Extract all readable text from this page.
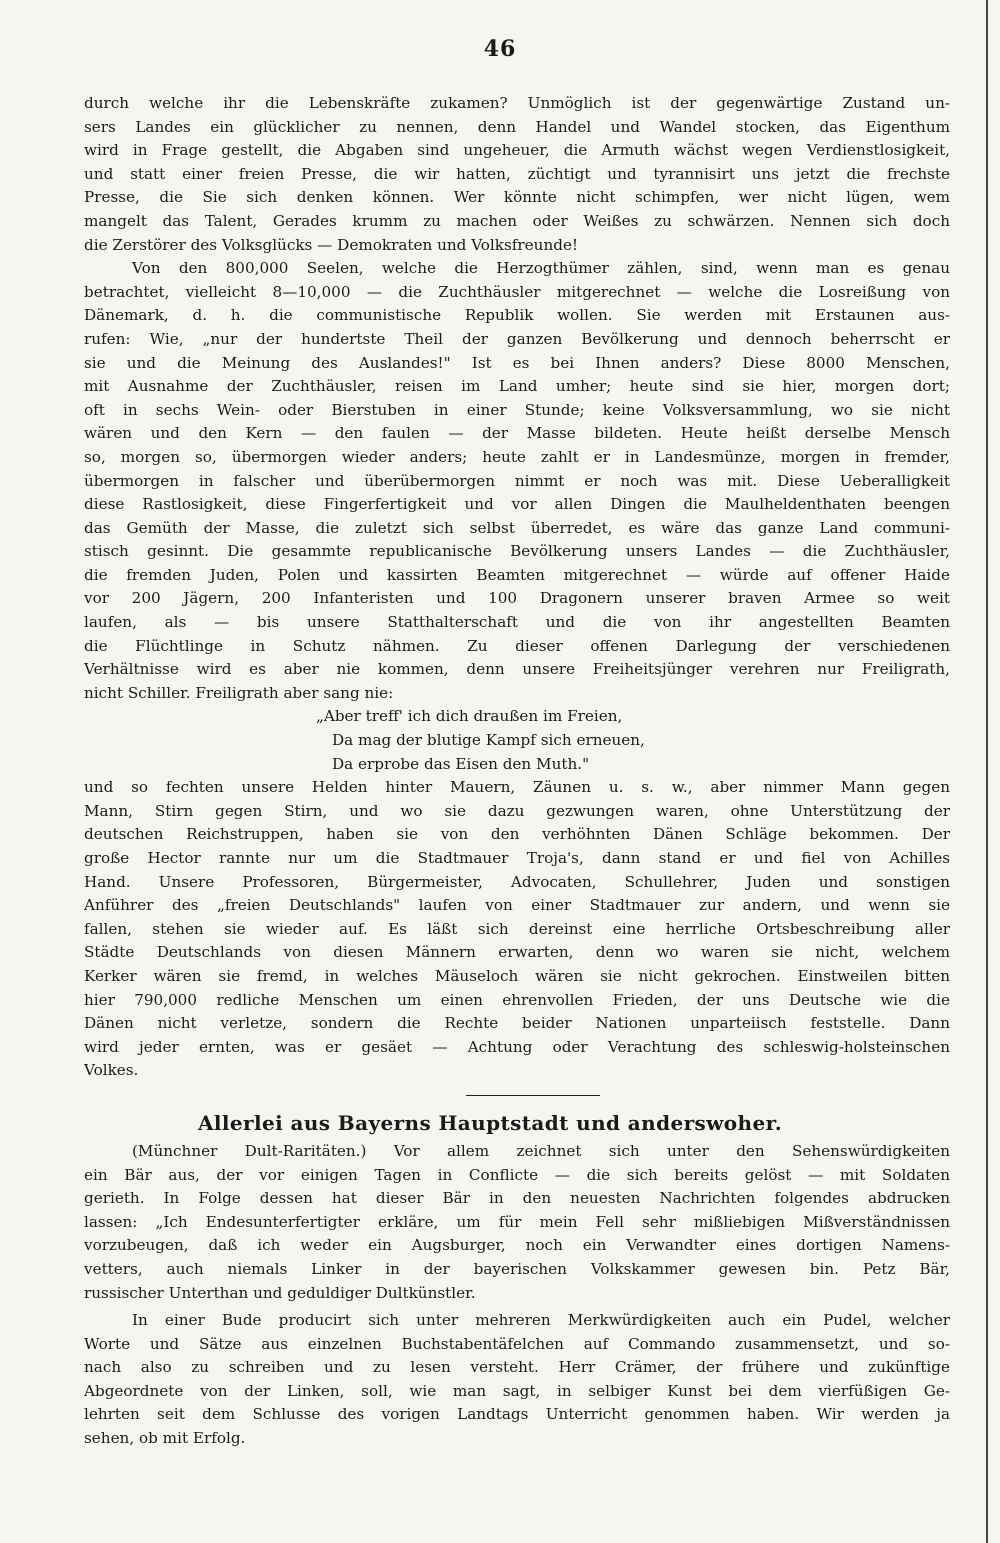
46
durch welche ihr die Lebenskräfte zukamen? Unmöglich ist der gegenwärtige Zustand un-
sers Landes ein glücklicher zu nennen, denn Handel und Wandel stocken, das Eigenthum
wird in Frage gestellt, die Abgaben sind ungeheuer, die Armuth wächst wegen Verdienstlosigkeit,
und statt einer freien Presse, die wir hatten, züchtigt und tyrannisirt uns jetzt die frechste
Presse, die Sie sich denken können. Wer könnte nicht schimpfen, wer nicht lügen, wem
mangelt das Talent, Gerades krumm zu machen oder Weißes zu schwärzen. Nennen sich doch
die Zerstörer des Volksglücks — Demokraten und Volksfreunde!
Von den 800,000 Seelen, welche die Herzogthümer zählen, sind, wenn man es genau
betrachtet, vielleicht 8—10,000 — die Zuchthäusler mitgerechnet — welche die Losreißung von
Dänemark, d. h. die communistische Republik wollen. Sie werden mit Erstaunen aus-
rufen: Wie, „nur der hundertste Theil der ganzen Bevölkerung und dennoch beherrscht er
sie und die Meinung des Auslandes!" Ist es bei Ihnen anders? Diese 8000 Menschen,
mit Ausnahme der Zuchthäusler, reisen im Land umher; heute sind sie hier, morgen dort;
oft in sechs Wein- oder Bierstuben in einer Stunde; keine Volksversammlung, wo sie nicht
wären und den Kern — den faulen — der Masse bildeten. Heute heißt derselbe Mensch
so, morgen so, übermorgen wieder anders; heute zahlt er in Landesmünze, morgen in fremder,
übermorgen in falscher und überübermorgen nimmt er noch was mit. Diese Ueberalligkeit
diese Rastlosigkeit, diese Fingerfertigkeit und vor allen Dingen die Maulheldenthaten beengen
das Gemüth der Masse, die zuletzt sich selbst überredet, es wäre das ganze Land communi-
stisch gesinnt. Die gesammte republicanische Bevölkerung unsers Landes — die Zuchthäusler,
die fremden Juden, Polen und kassirten Beamten mitgerechnet — würde auf offener Haide
vor 200 Jägern, 200 Infanteristen und 100 Dragonern unserer braven Armee so weit
laufen, als — bis unsere Statthalterschaft und die von ihr angestellten Beamten
die Flüchtlinge in Schutz nähmen. Zu dieser offenen Darlegung der verschiedenen
Verhältnisse wird es aber nie kommen, denn unsere Freiheitsjünger verehren nur Freiligrath,
nicht Schiller. Freiligrath aber sang nie:
„Aber treff' ich dich draußen im Freien,
Da mag der blutige Kampf sich erneuen,
Da erprobe das Eisen den Muth."
und so fechten unsere Helden hinter Mauern, Zäunen u. s. w., aber nimmer Mann gegen
Mann, Stirn gegen Stirn, und wo sie dazu gezwungen waren, ohne Unterstützung der
deutschen Reichstruppen, haben sie von den verhöhnten Dänen Schläge bekommen. Der
große Hector rannte nur um die Stadtmauer Troja's, dann stand er und fiel von Achilles
Hand. Unsere Professoren, Bürgermeister, Advocaten, Schullehrer, Juden und sonstigen
Anführer des „freien Deutschlands" laufen von einer Stadtmauer zur andern, und wenn sie
fallen, stehen sie wieder auf. Es läßt sich dereinst eine herrliche Ortsbeschreibung aller
Städte Deutschlands von diesen Männern erwarten, denn wo waren sie nicht, welchem
Kerker wären sie fremd, in welches Mäuseloch wären sie nicht gekrochen. Einstweilen bitten
hier 790,000 redliche Menschen um einen ehrenvollen Frieden, der uns Deutsche wie die
Dänen nicht verletze, sondern die Rechte beider Nationen unparteiisch feststelle. Dann
wird jeder ernten, was er gesäet — Achtung oder Verachtung des schleswig-holsteinschen
Volkes.
Allerlei aus Bayerns Hauptstadt und anderswoher.
(Münchner Dult-Raritäten.) Vor allem zeichnet sich unter den Sehenswürdigkeiten
ein Bär aus, der vor einigen Tagen in Conflicte — die sich bereits gelöst — mit Soldaten
gerieth. In Folge dessen hat dieser Bär in den neuesten Nachrichten folgendes abdrucken
lassen: „Ich Endesunterfertigter erkläre, um für mein Fell sehr mißliebigen Mißverständnissen
vorzubeugen, daß ich weder ein Augsburger, noch ein Verwandter eines dortigen Namens-
vetters, auch niemals Linker in der bayerischen Volkskammer gewesen bin. Petz Bär,
russischer Unterthan und geduldiger Dultkünstler.
In einer Bude producirt sich unter mehreren Merkwürdigkeiten auch ein Pudel, welcher
Worte und Sätze aus einzelnen Buchstabentäfelchen auf Commando zusammensetzt, und so-
nach also zu schreiben und zu lesen versteht. Herr Crämer, der frühere und zukünftige
Abgeordnete von der Linken, soll, wie man sagt, in selbiger Kunst bei dem vierfüßigen Ge-
lehrten seit dem Schlusse des vorigen Landtags Unterricht genommen haben. Wir werden ja
sehen, ob mit Erfolg.
